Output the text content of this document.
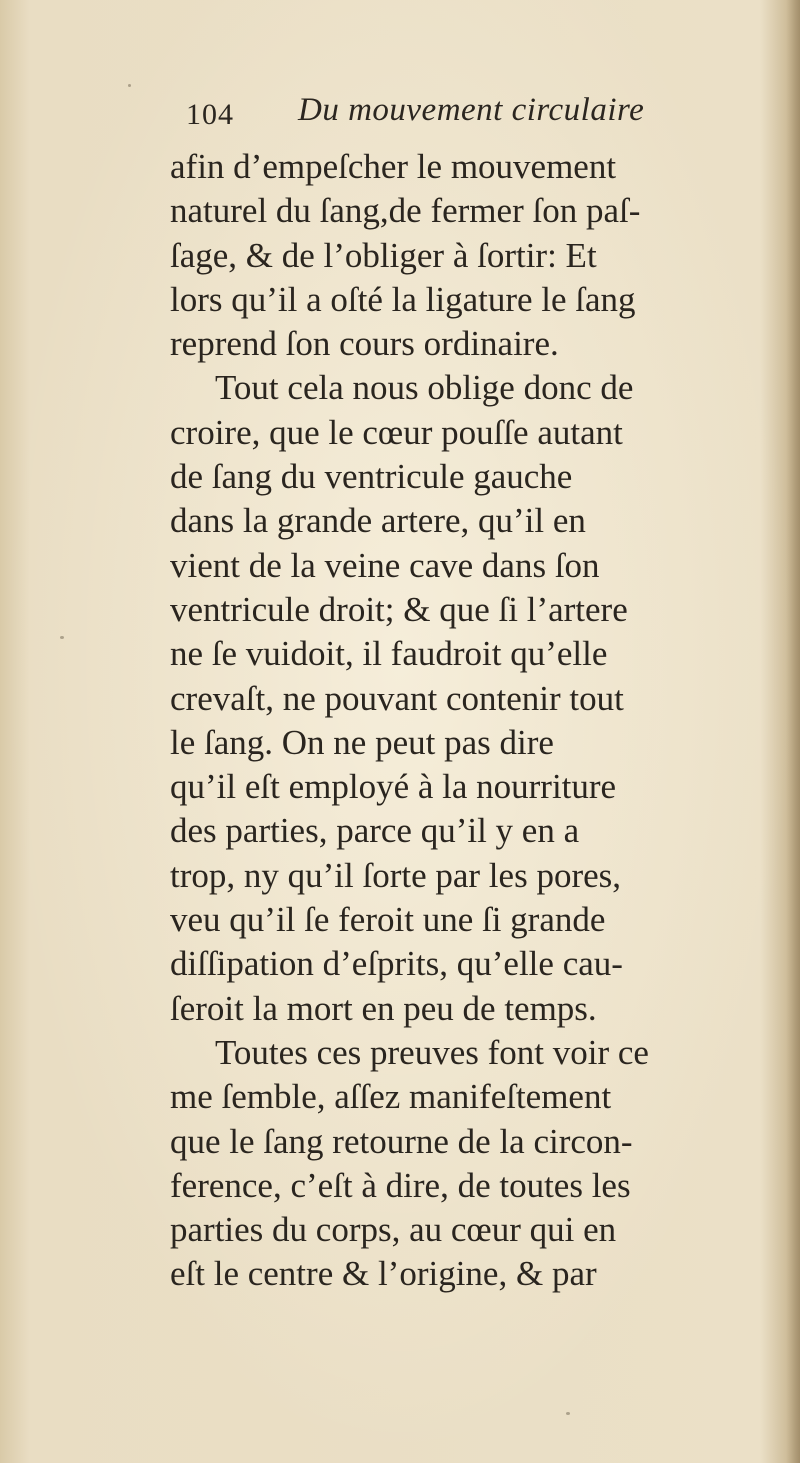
104 Du mouvement circulaire
afin d’empeſcher le mouvement
naturel du ſang,de fermer ſon paſ-
ſage, & de l’obliger à ſortir: Et
lors qu’il a oſté la ligature le ſang
reprend ſon cours ordinaire.
Tout cela nous oblige donc de
croire, que le cœur pouſſe autant
de ſang du ventricule gauche
dans la grande artere, qu’il en
vient de la veine cave dans ſon
ventricule droit; & que ſi l’artere
ne ſe vuidoit, il faudroit qu’elle
crevaſt, ne pouvant contenir tout
le ſang. On ne peut pas dire
qu’il eſt employé à la nourriture
des parties, parce qu’il y en a
trop, ny qu’il ſorte par les pores,
veu qu’il ſe feroit une ſi grande
diſſipation d’eſprits, qu’elle cau-
ſeroit la mort en peu de temps.
Toutes ces preuves font voir ce
me ſemble, aſſez manifeſtement
que le ſang retourne de la circon-
ference, c’eſt à dire, de toutes les
parties du corps, au cœur qui en
eſt le centre & l’origine, & par
